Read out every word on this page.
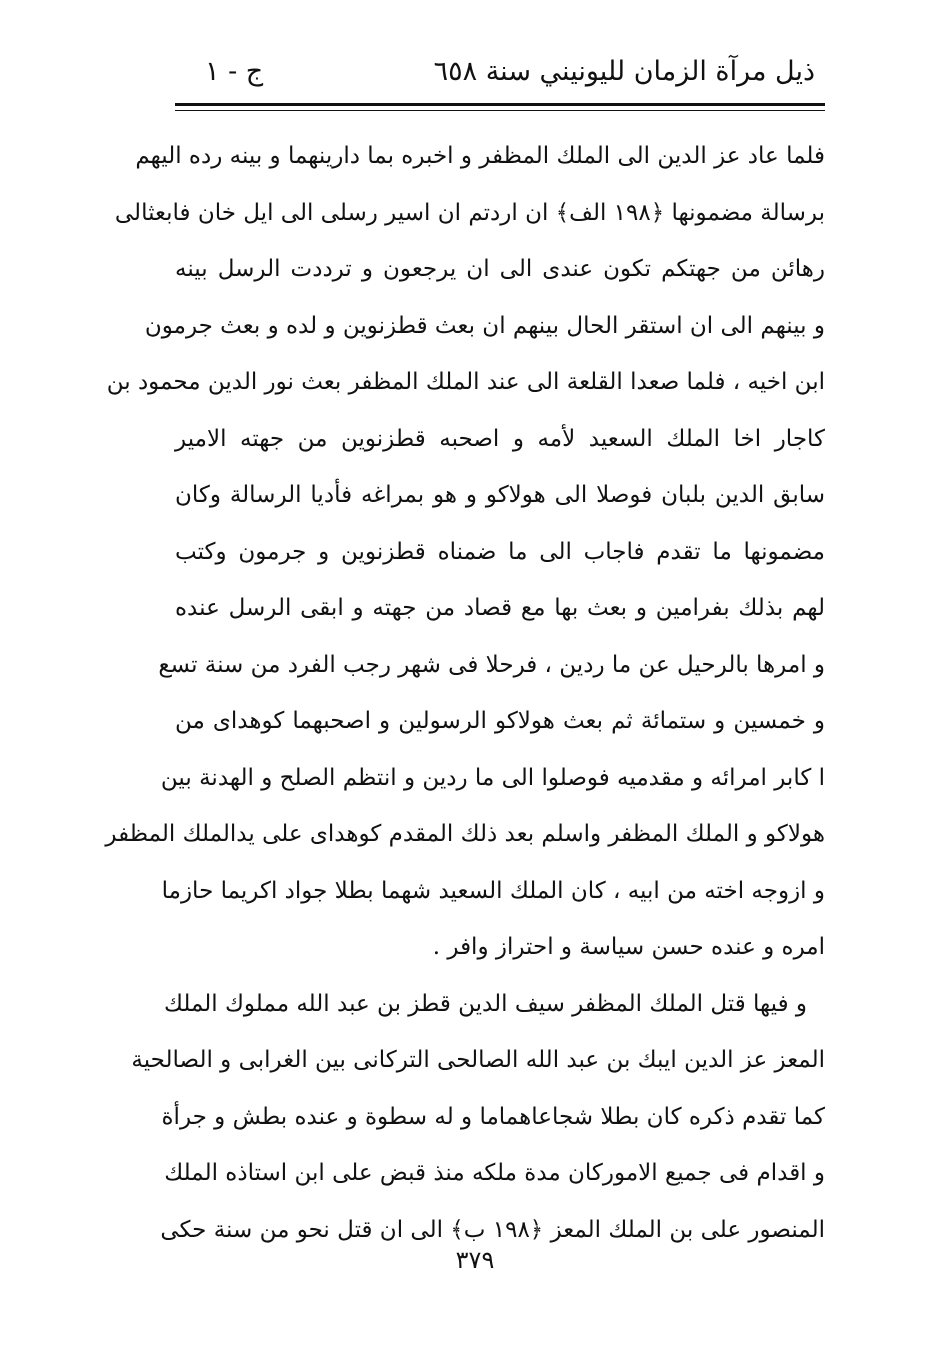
ذيل مرآة الزمان لليونيني سنة ٦٥٨
ج - ١
فلما عاد عز الدين الى الملك المظفر و اخبره بما دارينهما و بينه رده اليهم
برسالة مضمونها ﴿١٩٨ الف﴾ ان اردتم ان اسير رسلى الى ايل خان فابعثالى
رهائن من جهتكم تكون عندى الى ان يرجعون و ترددت الرسل بينه
و بينهم الى ان استقر الحال بينهم ان بعث قطزنوين و لده و بعث جرمون
ابن اخيه ، فلما صعدا القلعة الى عند الملك المظفر بعث نور الدين محمود بن
كاجار اخا الملك السعيد لأمه و اصحبه قطزنوين من جهته الامير
سابق الدين بلبان فوصلا الى هولاكو و هو بمراغه فأديا الرسالة وكان
مضمونها ما تقدم فاجاب الى ما ضمناه قطزنوين و جرمون وكتب
لهم بذلك بفرامين و بعث بها مع قصاد من جهته و ابقى الرسل عنده
و امرها بالرحيل عن ما ردين ، فرحلا فى شهر رجب الفرد من سنة تسع
و خمسين و ستمائة ثم بعث هولاكو الرسولين و اصحبهما كوهداى من
ا كابر امرائه و مقدميه فوصلوا الى ما ردين و انتظم الصلح و الهدنة بين
هولاكو و الملك المظفر واسلم بعد ذلك المقدم كوهداى على يدالملك المظفر
و ازوجه اخته من ابيه ، كان الملك السعيد شهما بطلا جواد اكريما حازما
امره و عنده حسن سياسة و احتراز وافر .
و فيها قتل الملك المظفر سيف الدين قطز بن عبد الله مملوك الملك
المعز عز الدين ايبك بن عبد الله الصالحى التركانى بين الغرابى و الصالحية
كما تقدم ذكره كان بطلا شجاعاهماما و له سطوة و عنده بطش و جرأة
و اقدام فى جميع الاموركان مدة ملكه منذ قبض على ابن استاذه الملك
المنصور على بن الملك المعز ﴿١٩٨ ب﴾ الى ان قتل نحو من سنة حكى
٣٧٩
